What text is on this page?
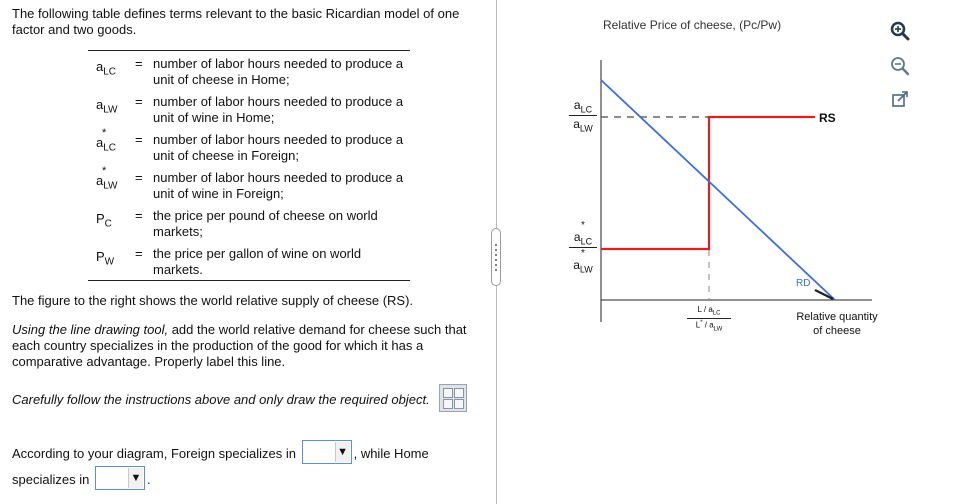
The following table defines terms relevant to the basic Ricardian model of one factor and two goods.

$a_{LC}$
= number of labor hours needed to produce a unit of cheese in Home;
$a_{LW}$
= number of labor hours needed to produce a unit of wine in Home;
*
$a_{LC}$
= number of labor hours needed to produce a unit of cheese in Foreign;
*
$a_{LW}$
= number of labor hours needed to produce a unit of wine in Foreign;
$P_C$
= the price per pound of cheese on world markets;
$P_W$
= the price per gallon of wine on world markets.

The figure to the right shows the world relative supply of cheese (RS).

Using the line drawing tool, add the world relative demand for cheese such that each country specializes in the production of the good for which it has a comparative advantage. Properly label this line.

Carefully follow the instructions above and only draw the required object.

According to your diagram, Foreign specializes in	▼ , while Home

specializes in	▼ .

Relative Price of cheese, (Pc/Pw)
RS
RD
$a_{LC}$
$a_{LW}$
*
$a_{LC}$
*
$a_{LW}$
L / $a_{LC}$
$L^* / a_{LW}$
Relative quantity
of cheese
